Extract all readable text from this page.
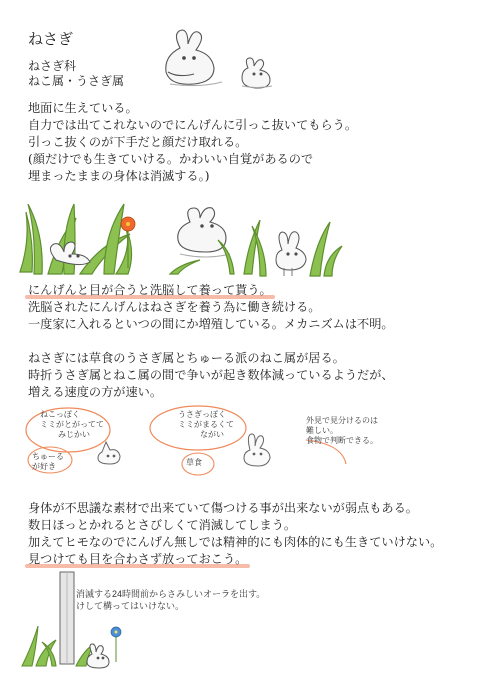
ねさぎ
ねさぎ科
ねこ属・うさぎ属
地面に生えている。
自力では出てこれないのでにんげんに引っこ抜いてもらう。
引っこ抜くのが下手だと顔だけ取れる。
(顔だけでも生きていける。かわいい自覚があるので
埋まったままの身体は消滅する。)
にんげんと目が合うと洗脳して養って貰う。
洗脳されたにんげんはねさぎを養う為に働き続ける。
一度家に入れるといつの間にか増殖している。メカニズムは不明。
ねさぎには草食のうさぎ属とちゅーる派のねこ属が居る。
時折うさぎ属とねこ属の間で争いが起き数体減っているようだが、
増える速度の方が速い。
ねこっぽく
ミミがとがってて
みじかい
ちゅーる
が好き
うさぎっぽく
ミミがまるくて
ながい
草食
外見で見分けるのは
難しい。
食物で判断できる。
身体が不思議な素材で出来ていて傷つける事が出来ないが弱点もある。
数日ほっとかれるとさびしくて消滅してしまう。
加えてヒモなのでにんげん無しでは精神的にも肉体的にも生きていけない。
見つけても目を合わさず放っておこう。
消滅する24時間前からさみしいオーラを出す。
けして構ってはいけない。
